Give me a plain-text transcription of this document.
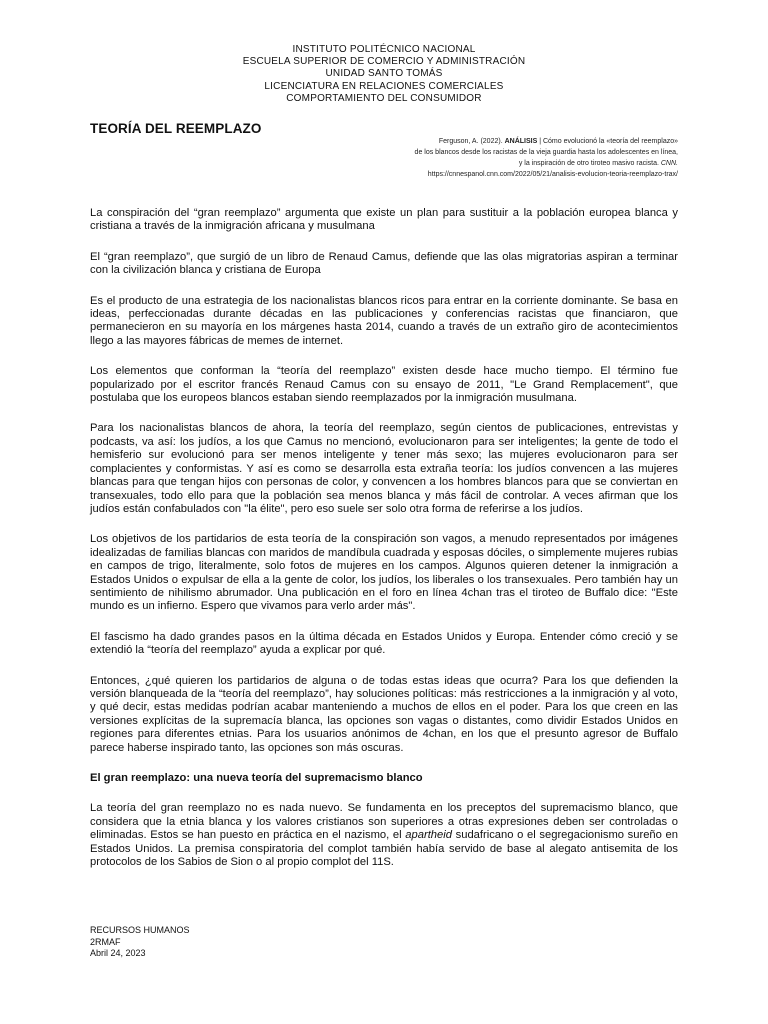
INSTITUTO POLITÉCNICO NACIONAL
ESCUELA SUPERIOR DE COMERCIO Y ADMINISTRACIÓN
UNIDAD SANTO TOMÁS
LICENCIATURA EN RELACIONES COMERCIALES
COMPORTAMIENTO DEL CONSUMIDOR
TEORÍA DEL REEMPLAZO
Ferguson, A. (2022). ANÁLISIS | Cómo evolucionó la «teoría del reemplazo»
de los blancos desde los racistas de la vieja guardia hasta los adolescentes en línea,
y la inspiración de otro tiroteo masivo racista. CNN.
https://cnnespanol.cnn.com/2022/05/21/analisis-evolucion-teoria-reemplazo-trax/

La conspiración del “gran reemplazo” argumenta que existe un plan para sustituir a la población europea blanca y cristiana a través de la inmigración africana y musulmana

El “gran reemplazo”, que surgió de un libro de Renaud Camus, defiende que las olas migratorias aspiran a terminar con la civilización blanca y cristiana de Europa

Es el producto de una estrategia de los nacionalistas blancos ricos para entrar en la corriente dominante. Se basa en ideas, perfeccionadas durante décadas en las publicaciones y conferencias racistas que financiaron, que permanecieron en su mayoría en los márgenes hasta 2014, cuando a través de un extraño giro de acontecimientos llego a las mayores fábricas de memes de internet.

Los elementos que conforman la “teoría del reemplazo” existen desde hace mucho tiempo. El término fue popularizado por el escritor francés Renaud Camus con su ensayo de 2011, "Le Grand Remplacement", que postulaba que los europeos blancos estaban siendo reemplazados por la inmigración musulmana.

Para los nacionalistas blancos de ahora, la teoría del reemplazo, según cientos de publicaciones, entrevistas y podcasts, va así: los judíos, a los que Camus no mencionó, evolucionaron para ser inteligentes; la gente de todo el hemisferio sur evolucionó para ser menos inteligente y tener más sexo; las mujeres evolucionaron para ser complacientes y conformistas. Y así es como se desarrolla esta extraña teoría: los judíos convencen a las mujeres blancas para que tengan hijos con personas de color, y convencen a los hombres blancos para que se conviertan en transexuales, todo ello para que la población sea menos blanca y más fácil de controlar. A veces afirman que los judíos están confabulados con "la élite", pero eso suele ser solo otra forma de referirse a los judíos.

Los objetivos de los partidarios de esta teoría de la conspiración son vagos, a menudo representados por imágenes idealizadas de familias blancas con maridos de mandíbula cuadrada y esposas dóciles, o simplemente mujeres rubias en campos de trigo, literalmente, solo fotos de mujeres en los campos. Algunos quieren detener la inmigración a Estados Unidos o expulsar de ella a la gente de color, los judíos, los liberales o los transexuales. Pero también hay un sentimiento de nihilismo abrumador. Una publicación en el foro en línea 4chan tras el tiroteo de Buffalo dice: "Este mundo es un infierno. Espero que vivamos para verlo arder más".

El fascismo ha dado grandes pasos en la última década en Estados Unidos y Europa. Entender cómo creció y se extendió la “teoría del reemplazo” ayuda a explicar por qué.

Entonces, ¿qué quieren los partidarios de alguna o de todas estas ideas que ocurra? Para los que defienden la versión blanqueada de la “teoría del reemplazo”, hay soluciones políticas: más restricciones a la inmigración y al voto, y qué decir, estas medidas podrían acabar manteniendo a muchos de ellos en el poder. Para los que creen en las versiones explícitas de la supremacía blanca, las opciones son vagas o distantes, como dividir Estados Unidos en regiones para diferentes etnias. Para los usuarios anónimos de 4chan, en los que el presunto agresor de Buffalo parece haberse inspirado tanto, las opciones son más oscuras.

El gran reemplazo: una nueva teoría del supremacismo blanco

La teoría del gran reemplazo no es nada nuevo. Se fundamenta en los preceptos del supremacismo blanco, que considera que la etnia blanca y los valores cristianos son superiores a otras expresiones deben ser controladas o eliminadas. Estos se han puesto en práctica en el nazismo, el apartheid sudafricano o el segregacionismo sureño en Estados Unidos. La premisa conspiratoria del complot también había servido de base al alegato antisemita de los protocolos de los Sabios de Sion o al propio complot del 11S.

RECURSOS HUMANOS
2RMAF
Abril 24, 2023
